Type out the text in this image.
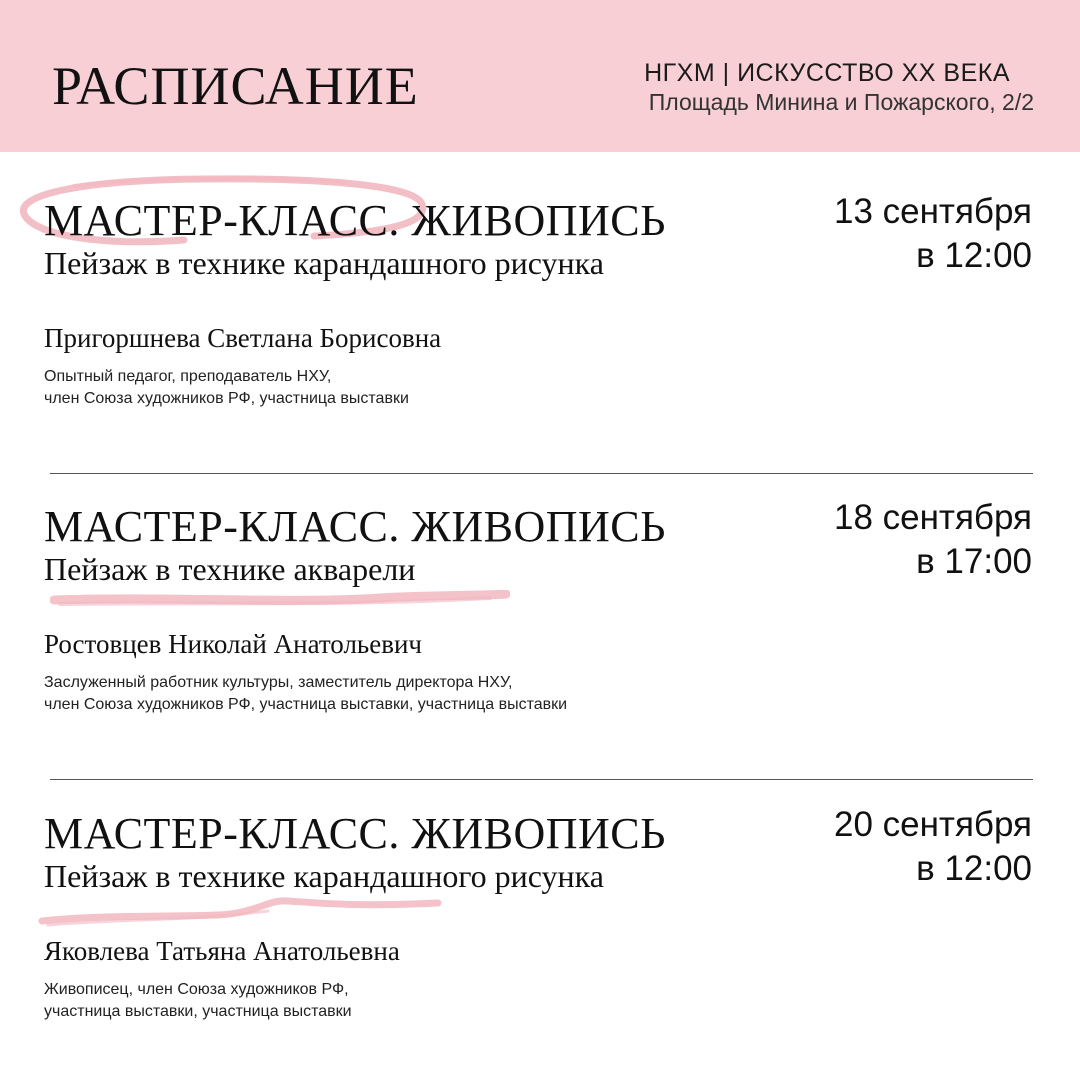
РАСПИСАНИЕ	НГХМ | ИСКУССТВО ХХ ВЕКА
Площадь Минина и Пожарского, 2/2
МАСТЕР-КЛАСС. ЖИВОПИСЬ
Пейзаж в технике карандашного рисунка
13 сентября
в 12:00
Пригоршнева Светлана Борисовна
Опытный педагог, преподаватель НХУ,
член Союза художников РФ, участница выставки
МАСТЕР-КЛАСС. ЖИВОПИСЬ
Пейзаж в технике акварели
18 сентября
в 17:00
Ростовцев Николай Анатольевич
Заслуженный работник культуры, заместитель директора НХУ,
член Союза художников РФ, участница выставки, участница выставки
МАСТЕР-КЛАСС. ЖИВОПИСЬ
Пейзаж в технике карандашного рисунка
20 сентября
в 12:00
Яковлева Татьяна Анатольевна
Живописец, член Союза художников РФ,
участница выставки, участница выставки
